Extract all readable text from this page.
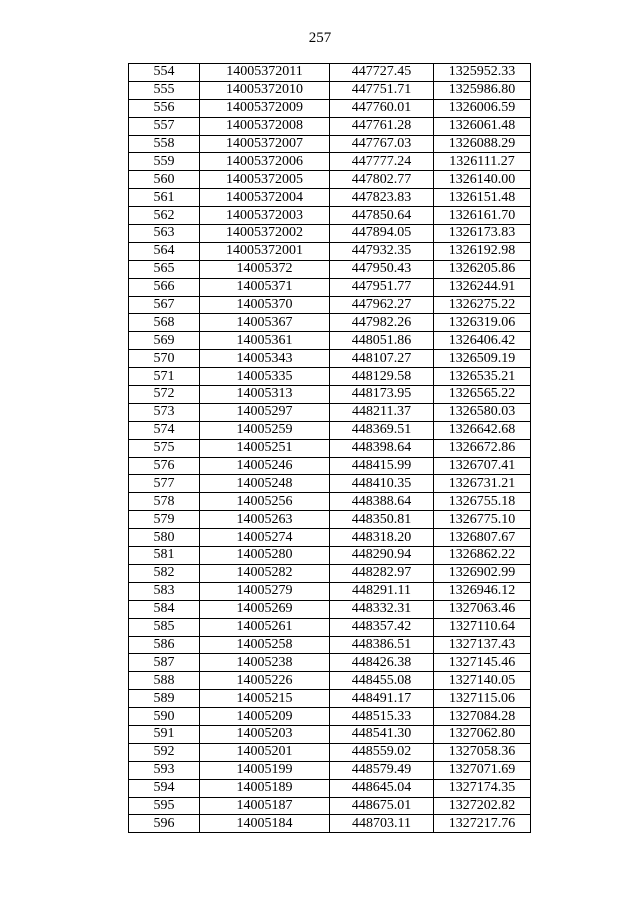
257
554	14005372011	447727.45	1325952.33
555	14005372010	447751.71	1325986.80
556	14005372009	447760.01	1326006.59
557	14005372008	447761.28	1326061.48
558	14005372007	447767.03	1326088.29
559	14005372006	447777.24	1326111.27
560	14005372005	447802.77	1326140.00
561	14005372004	447823.83	1326151.48
562	14005372003	447850.64	1326161.70
563	14005372002	447894.05	1326173.83
564	14005372001	447932.35	1326192.98
565	14005372	447950.43	1326205.86
566	14005371	447951.77	1326244.91
567	14005370	447962.27	1326275.22
568	14005367	447982.26	1326319.06
569	14005361	448051.86	1326406.42
570	14005343	448107.27	1326509.19
571	14005335	448129.58	1326535.21
572	14005313	448173.95	1326565.22
573	14005297	448211.37	1326580.03
574	14005259	448369.51	1326642.68
575	14005251	448398.64	1326672.86
576	14005246	448415.99	1326707.41
577	14005248	448410.35	1326731.21
578	14005256	448388.64	1326755.18
579	14005263	448350.81	1326775.10
580	14005274	448318.20	1326807.67
581	14005280	448290.94	1326862.22
582	14005282	448282.97	1326902.99
583	14005279	448291.11	1326946.12
584	14005269	448332.31	1327063.46
585	14005261	448357.42	1327110.64
586	14005258	448386.51	1327137.43
587	14005238	448426.38	1327145.46
588	14005226	448455.08	1327140.05
589	14005215	448491.17	1327115.06
590	14005209	448515.33	1327084.28
591	14005203	448541.30	1327062.80
592	14005201	448559.02	1327058.36
593	14005199	448579.49	1327071.69
594	14005189	448645.04	1327174.35
595	14005187	448675.01	1327202.82
596	14005184	448703.11	1327217.76
